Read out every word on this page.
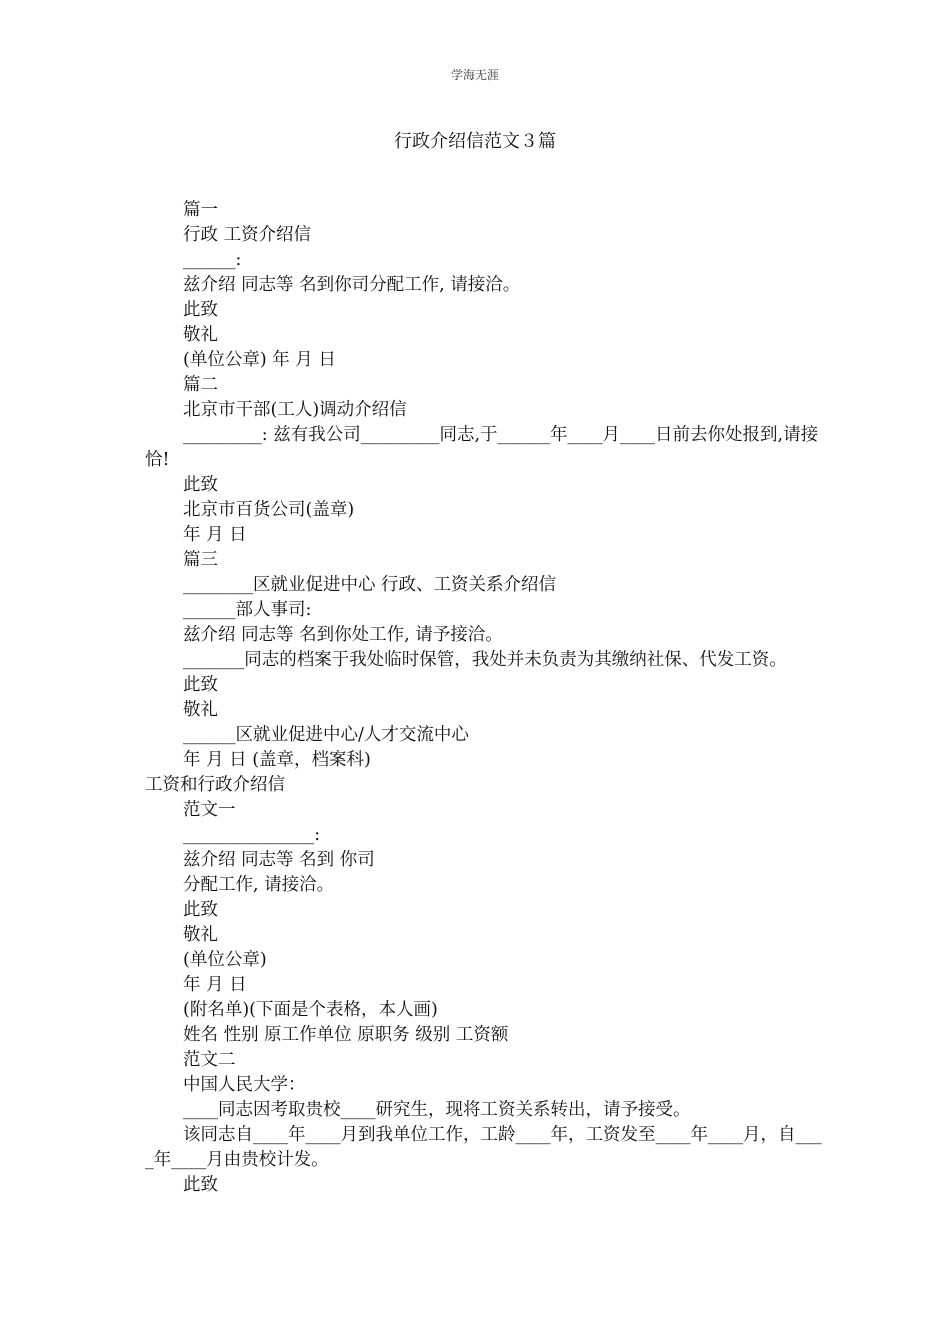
学海无涯
行政介绍信范文３篇

篇一

行政 工资介绍信

______:

兹介绍 同志等 名到你司分配工作, 请接洽。

此致

敬礼

(单位公章) 年 月 日

篇二

北京市干部(工人)调动介绍信

_________: 兹有我公司_________同志,于______年____月____日前去你处报到,请接恰!

此致

北京市百货公司(盖章)

年 月 日

篇三

________区就业促进中心 行政、工资关系介绍信

______部人事司:

兹介绍 同志等 名到你处工作, 请予接洽。

_______同志的档案于我处临时保管，我处并未负责为其缴纳社保、代发工资。

此致

敬礼

______区就业促进中心/人才交流中心

年 月 日 (盖章，档案科)

工资和行政介绍信

范文一

_______________:

兹介绍 同志等 名到 你司

分配工作, 请接洽。

此致

敬礼

(单位公章)

年 月 日

(附名单)(下面是个表格，本人画)

姓名 性别 原工作单位 原职务 级别 工资额

范文二

中国人民大学：

____同志因考取贵校____研究生，现将工资关系转出，请予接受。

该同志自____年____月到我单位工作，工龄____年，工资发至____年____月，自____年____月由贵校计发。

此致
